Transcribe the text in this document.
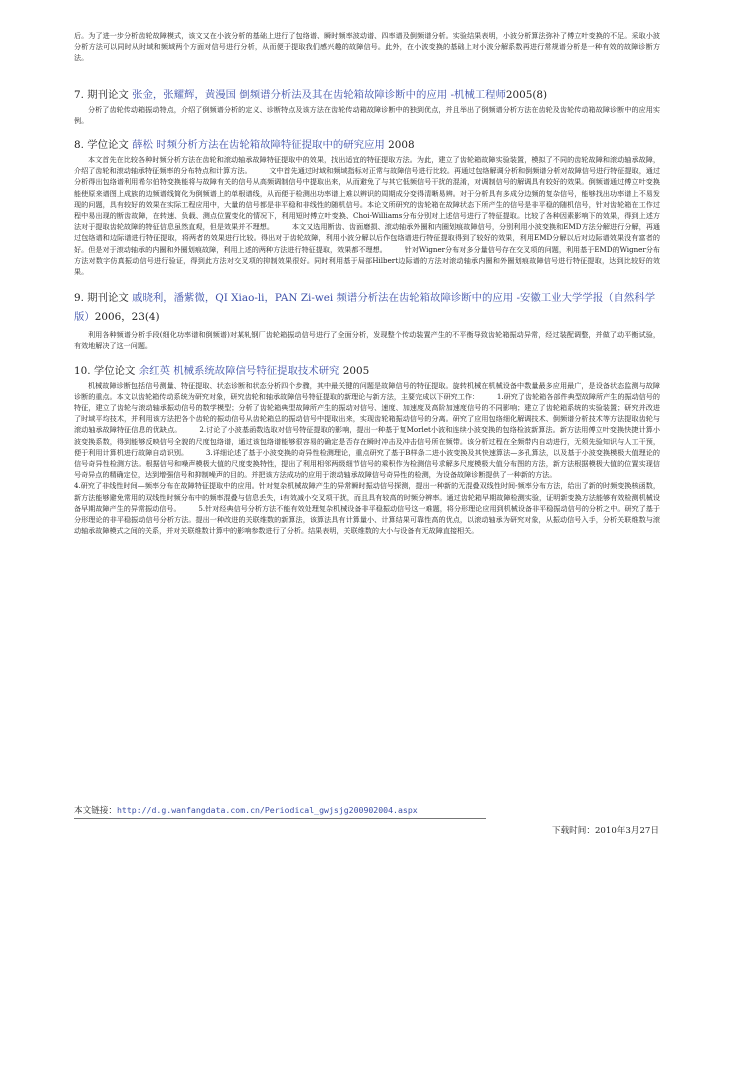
后。为了进一步分析齿轮故障模式，该文又在小波分析的基础上进行了包络谱、瞬时频率波动谱、四率谱及倒频谱分析。实验结果表明，小波分析算法弥补了傅立叶变换的不足。采取小波分析方法可以同时从时域和频域两个方面对信号进行分析，从而便于提取我们感兴趣的故障信号。此外，在小波变换的基础上对小波分解系数再进行常规谱分析是一种有效的故障诊断方法。

7. 期刊论文 张金，张耀辉，黄漫国 倒频谱分析法及其在齿轮箱故障诊断中的应用 -机械工程师2005(8)

分析了齿轮传动箱振动特点，介绍了倒频谱分析的定义、诊断特点及该方法在齿轮传动箱故障诊断中的独到优点，并且举出了倒频谱分析方法在齿轮及齿轮传动箱故障诊断中的应用实例。

8. 学位论文 薛松 时频分析方法在齿轮箱故障特征提取中的研究应用 2008

本文首先在比较各种时频分析方法在齿轮和滚动轴承故障特征提取中的效果，找出适宜的特征提取方法。为此，建立了齿轮箱故障实验装置，模拟了不同的齿轮故障和滚动轴承故障，介绍了齿轮和滚动轴承特征频率的分布特点和计算方法。　　　文中首先通过时域和频域指标对正常与故障信号进行比较。再通过包络解调分析和倒频谱分析对故障信号进行特征提取，通过分析得出包络谱利用希尔伯特变换能将与故障有关的信号从高频调制信号中提取出来，从而避免了与其它低频信号干扰的混淆，对调制信号的解调具有较好的效果。倒频谱通过傅立叶变换能使原来谱图上成族的边频谱线简化为倒频谱上的单根谱线，从而便于检测出功率谱上难以辨识的周期成分变得清晰易辨。对于分析具有多成分边频的复杂信号，能够找出功率谱上不易发现的问题，具有较好的效果在实际工程应用中，大量的信号都是非平稳和非线性的随机信号。本论文所研究的齿轮箱在故障状态下所产生的信号是非平稳的随机信号，针对齿轮箱在工作过程中易出现的断齿故障，在转速、负载、测点位置变化的情况下，利用短时傅立叶变换、Choi-Williams分布分别对上述信号进行了特征提取。比较了各种因素影响下的效果，得到上述方法对于提取齿轮故障的特征信息虽然直观，但是效果并不理想。　　　本文又选用断齿、齿面磨损、滚动轴承外圈和内圈划痕故障信号，分别利用小波变换和EMD方法分解进行分解，再通过包络谱和边际谱进行特征提取，将两者的效果进行比较。得出对于齿轮故障，利用小波分解以后作包络谱进行特征提取得到了较好的效果，利用EMD分解以后对边际谱效果没有富者的好。但是对于滚动轴承的内圈和外圈划痕故障，利用上述的两种方法进行特征提取，效果都不理想。　　　针对Wigner分布对多分量信号存在交叉项的问题，利用基于EMD的Wigner分布方法对数字仿真振动信号进行验证，得到此方法对交叉项的抑制效果很好。同时利用基于局部Hilbert边际谱的方法对滚动轴承内圈和外圈划痕故障信号进行特征提取，达到比较好的效果。

9. 期刊论文 戚晓利，潘紫微，QI Xiao-li，PAN Zi-wei 频谱分析法在齿轮箱故障诊断中的应用 -安徽工业大学学报（自然科学版）2006，23(4)

利用各种频谱分析手段(细化功率谱和倒频谱)对某轧钢厂齿轮箱振动信号进行了全面分析，发现整个传动装置产生的不平衡导致齿轮箱振动异常，经过装配调整，并做了动平衡试验，有效地解决了这一问题。

10. 学位论文 余红英 机械系统故障信号特征提取技术研究 2005

机械故障诊断包括信号测量、特征提取、状态诊断和状态分析四个步骤，其中最关键的问题是故障信号的特征提取。旋转机械在机械设备中数量最多应用最广，是设备状态监测与故障诊断的重点。本文以齿轮箱传动系统为研究对象，研究齿轮和轴承故障信号特征提取的新理论与新方法，主要完成以下研究工作：　　　1.研究了齿轮箱各部件典型故障所产生的振动信号的特征，建立了齿轮与滚动轴承振动信号的数学模型；分析了齿轮箱典型故障所产生的振动对信号、速度、加速度及高阶加速度信号的不同影响；建立了齿轮箱系统的实验装置；研究并改进了时域平均技术，并利用该方法把各个齿轮的振动信号从齿轮箱总的振动信号中提取出来，实现齿轮箱振动信号的分离。研究了应用包络细化解调技术、倒频谱分析技术等方法提取齿轮与滚动轴承故障特征信息的优缺点。　　　2.讨论了小波基函数选取对信号特征提取的影响，提出一种基于复Morlet小波和连续小波变换的包络检波新算法。新方法用傅立叶变换快捷计算小波变换系数，得到能够反映信号全貌的尺度包络谱，通过该包络谱能够很容易的确定是否存在瞬时冲击及冲击信号所在频带。该分析过程在全频带内自动进行，无须先验知识与人工干预，便于利用计算机进行故障自动识别。　　　3.详细论述了基于小波变换的奇异性检测理论，重点研究了基于B样条二进小波变换及其快速算法—多孔算法，以及基于小波变换模极大值理论的信号奇异性检测方法。根据信号和噪声模极大值的尺度变换特性，提出了利用相邻两级细节信号的乘积作为检测信号求解多尺度模极大值分布图的方法，新方法根据模极大值的位置实现信号奇异点的精确定位，达到增强信号和抑制噪声的目的。并把该方法成功的应用于滚动轴承故障信号奇异性的检测，为设备故障诊断提供了一种新的方法。
4.研究了非线性时间—频率分布在故障特征提取中的应用。针对复杂机械故障产生的异常瞬时振动信号探测，提出一种新的无混叠双线性时间-频率分布方法，给出了新的时频变换核函数，新方法能够避免常用的双线性时频分布中的频率混叠与信息丢失，i有效减小交叉项干扰，而且具有较高的时频分辨率。通过齿轮箱早期故障检测实验，证明新变换方法能够有效检测机械设备早期故障产生的异常振动信号。　　　5.针对经典信号分析方法不能有效处理复杂机械设备非平稳振动信号这一难题，将分形理论应用到机械设备非平稳振动信号的分析之中。研究了基于分形理论的非平稳振动信号分析方法。提出一种改进的关联维数的新算法，该算法具有计算量小、计算结果可靠性高的优点，以滚动轴承为研究对象，从振动信号入手，分析关联维数与滚动轴承故障模式之间的关系，并对关联维数计算中的影响参数进行了分析。结果表明，关联维数的大小与设备有无故障直接相关。

本文链接：http://d.g.wanfangdata.com.cn/Periodical_gwjsjg200902004.aspx
下载时间：2010年3月27日
